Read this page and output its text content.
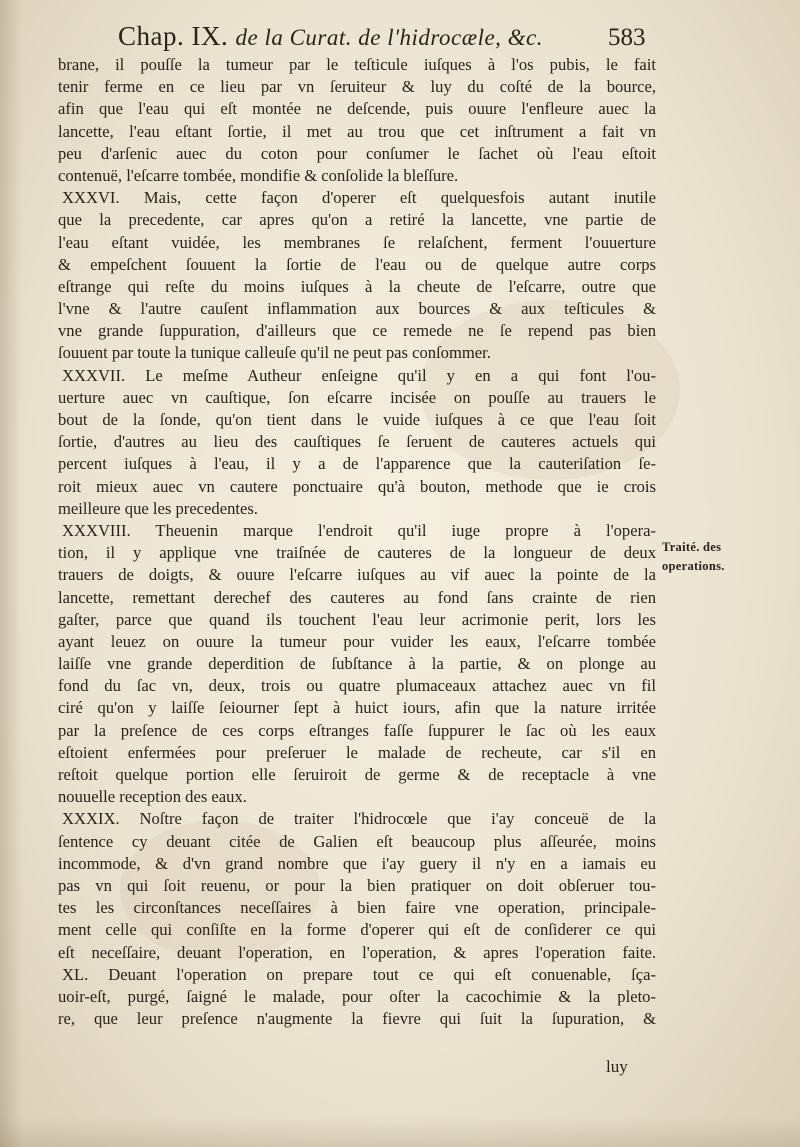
Chap. IX. de la Curat. de l'hidrocæle, &c.	583
brane, il pouſſe la tumeur par le teſticule iuſques à l'os pubis, le fait
tenir ferme en ce lieu par vn ſeruiteur & luy du coſté de la bource,
afin que l'eau qui eſt montée ne deſcende, puis ouure l'enfleure auec la
lancette, l'eau eſtant ſortie, il met au trou que cet inſtrument a fait vn
peu d'arſenic auec du coton pour conſumer le ſachet où l'eau eſtoit
contenuë, l'eſcarre tombée, mondifie & conſolide la bleſſure.
XXXVI. Mais, cette façon d'operer eſt quelquesfois autant inutile
que la precedente, car apres qu'on a retiré la lancette, vne partie de
l'eau eſtant vuidée, les membranes ſe relaſchent, ferment l'ouuerture
& empeſchent ſouuent la ſortie de l'eau ou de quelque autre corps
eſtrange qui reſte du moins iuſques à la cheute de l'eſcarre, outre que
l'vne & l'autre cauſent inflammation aux bources & aux teſticules &
vne grande ſuppuration, d'ailleurs que ce remede ne ſe repend pas bien
ſouuent par toute la tunique calleuſe qu'il ne peut pas conſommer.
XXXVII. Le meſme Autheur enſeigne qu'il y en a qui font l'ou-
uerture auec vn cauſtique, ſon eſcarre incisée on pouſſe au trauers le
bout de la ſonde, qu'on tient dans le vuide iuſques à ce que l'eau ſoit
ſortie, d'autres au lieu des cauſtiques ſe ſeruent de cauteres actuels qui
percent iuſques à l'eau, il y a de l'apparence que la cauteriſation ſe-
roit mieux auec vn cautere ponctuaire qu'à bouton, methode que ie crois
meilleure que les precedentes.
XXXVIII. Theuenin marque l'endroit qu'il iuge propre à l'opera-
tion, il y applique vne traiſnée de cauteres de la longueur de deux
trauers de doigts, & ouure l'eſcarre iuſques au vif auec la pointe de la
lancette, remettant derechef des cauteres au fond ſans crainte de rien
gaſter, parce que quand ils touchent l'eau leur acrimonie perit, lors les
ayant leuez on ouure la tumeur pour vuider les eaux, l'eſcarre tombée
laiſſe vne grande deperdition de ſubſtance à la partie, & on plonge au
fond du ſac vn, deux, trois ou quatre plumaceaux attachez auec vn fil
ciré qu'on y laiſſe ſeiourner ſept à huict iours, afin que la nature irritée
par la preſence de ces corps eſtranges faſſe ſuppurer le ſac où les eaux
eſtoient enfermées pour preſeruer le malade de recheute, car s'il en
reſtoit quelque portion elle ſeruiroit de germe & de receptacle à vne
nouuelle reception des eaux.
XXXIX. Noſtre façon de traiter l'hidrocœle que i'ay conceuë de la
ſentence cy deuant citée de Galien eſt beaucoup plus aſſeurée, moins
incommode, & d'vn grand nombre que i'ay guery il n'y en a iamais eu
pas vn qui ſoit reuenu, or pour la bien pratiquer on doit obſeruer tou-
tes les circonſtances neceſſaires à bien faire vne operation, principale-
ment celle qui conſiſte en la forme d'operer qui eſt de conſiderer ce qui
eſt neceſſaire, deuant l'operation, en l'operation, & apres l'operation faite.
XL. Deuant l'operation on prepare tout ce qui eſt conuenable, ſça-
uoir-eſt, purgé, ſaigné le malade, pour oſter la cacochimie & la pleto-
re, que leur preſence n'augmente la fievre qui ſuit la ſupuration, &
Traité. des
operations.
luy
